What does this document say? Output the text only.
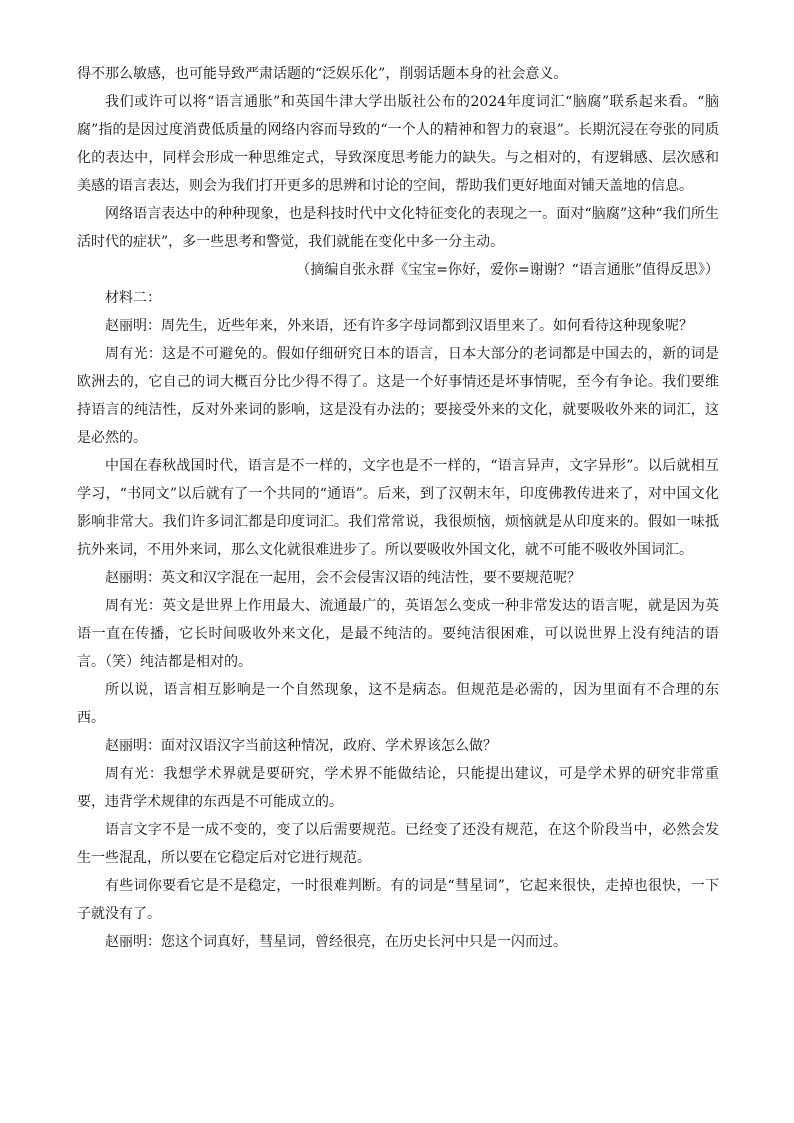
得不那么敏感，也可能导致严肃话题的“泛娱乐化”，削弱话题本身的社会意义。

我们或许可以将“语言通胀”和英国牛津大学出版社公布的2024年度词汇“脑腐”联系起来看。“脑腐”指的是因过度消费低质量的网络内容而导致的“一个人的精神和智力的衰退”。长期沉浸在夸张的同质化的表达中，同样会形成一种思维定式，导致深度思考能力的缺失。与之相对的，有逻辑感、层次感和美感的语言表达，则会为我们打开更多的思辨和讨论的空间，帮助我们更好地面对铺天盖地的信息。

网络语言表达中的种种现象，也是科技时代中文化特征变化的表现之一。面对“脑腐”这种“我们所生活时代的症状”，多一些思考和警觉，我们就能在变化中多一分主动。

（摘编自张永群《宝宝=你好，爱你=谢谢？“语言通胀”值得反思》）

材料二：

赵丽明：周先生，近些年来，外来语，还有许多字母词都到汉语里来了。如何看待这种现象呢？

周有光：这是不可避免的。假如仔细研究日本的语言，日本大部分的老词都是中国去的，新的词是欧洲去的，它自己的词大概百分比少得不得了。这是一个好事情还是坏事情呢，至今有争论。我们要维持语言的纯洁性，反对外来词的影响，这是没有办法的；要接受外来的文化，就要吸收外来的词汇，这是必然的。

中国在春秋战国时代，语言是不一样的，文字也是不一样的，“语言异声，文字异形”。以后就相互学习，“书同文”以后就有了一个共同的“通语”。后来，到了汉朝末年，印度佛教传进来了，对中国文化影响非常大。我们许多词汇都是印度词汇。我们常常说，我很烦恼，烦恼就是从印度来的。假如一味抵抗外来词，不用外来词，那么文化就很难进步了。所以要吸收外国文化，就不可能不吸收外国词汇。

赵丽明：英文和汉字混在一起用，会不会侵害汉语的纯洁性，要不要规范呢？

周有光：英文是世界上作用最大、流通最广的，英语怎么变成一种非常发达的语言呢，就是因为英语一直在传播，它长时间吸收外来文化，是最不纯洁的。要纯洁很困难，可以说世界上没有纯洁的语言。（笑）纯洁都是相对的。

所以说，语言相互影响是一个自然现象，这不是病态。但规范是必需的，因为里面有不合理的东西。

赵丽明：面对汉语汉字当前这种情况，政府、学术界该怎么做？

周有光：我想学术界就是要研究，学术界不能做结论，只能提出建议，可是学术界的研究非常重要，违背学术规律的东西是不可能成立的。

语言文字不是一成不变的，变了以后需要规范。已经变了还没有规范，在这个阶段当中，必然会发生一些混乱，所以要在它稳定后对它进行规范。

有些词你要看它是不是稳定，一时很难判断。有的词是“彗星词”，它起来很快，走掉也很快，一下子就没有了。

赵丽明：您这个词真好，彗星词，曾经很亮，在历史长河中只是一闪而过。
